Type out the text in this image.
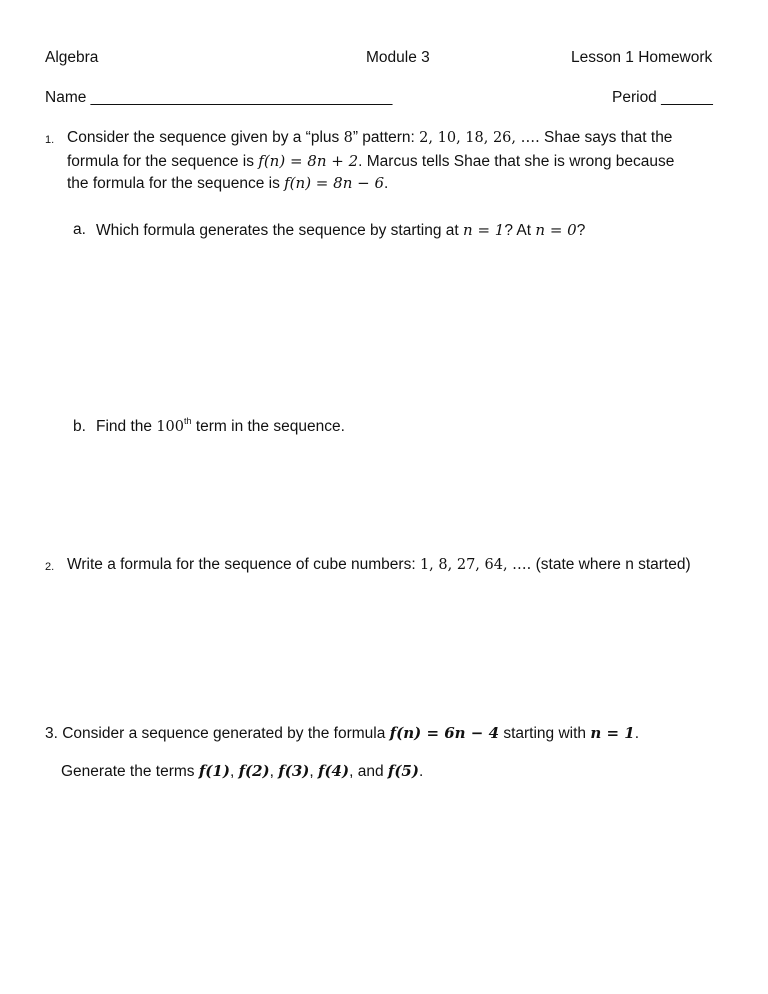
Algebra	Module 3	Lesson 1 Homework
Name ___________________________________	Period ______
1. Consider the sequence given by a “plus 8” pattern: 2, 10, 18, 26, …. Shae says that the
formula for the sequence is f(n) = 8n + 2. Marcus tells Shae that she is wrong because
the formula for the sequence is f(n) = 8n − 6.
a. Which formula generates the sequence by starting at n = 1? At n = 0?
b. Find the 100th term in the sequence.
2. Write a formula for the sequence of cube numbers: 1, 8, 27, 64, …. (state where n started)
3. Consider a sequence generated by the formula f(n) = 6n − 4 starting with n = 1.
Generate the terms f(1), f(2), f(3), f(4), and f(5).
